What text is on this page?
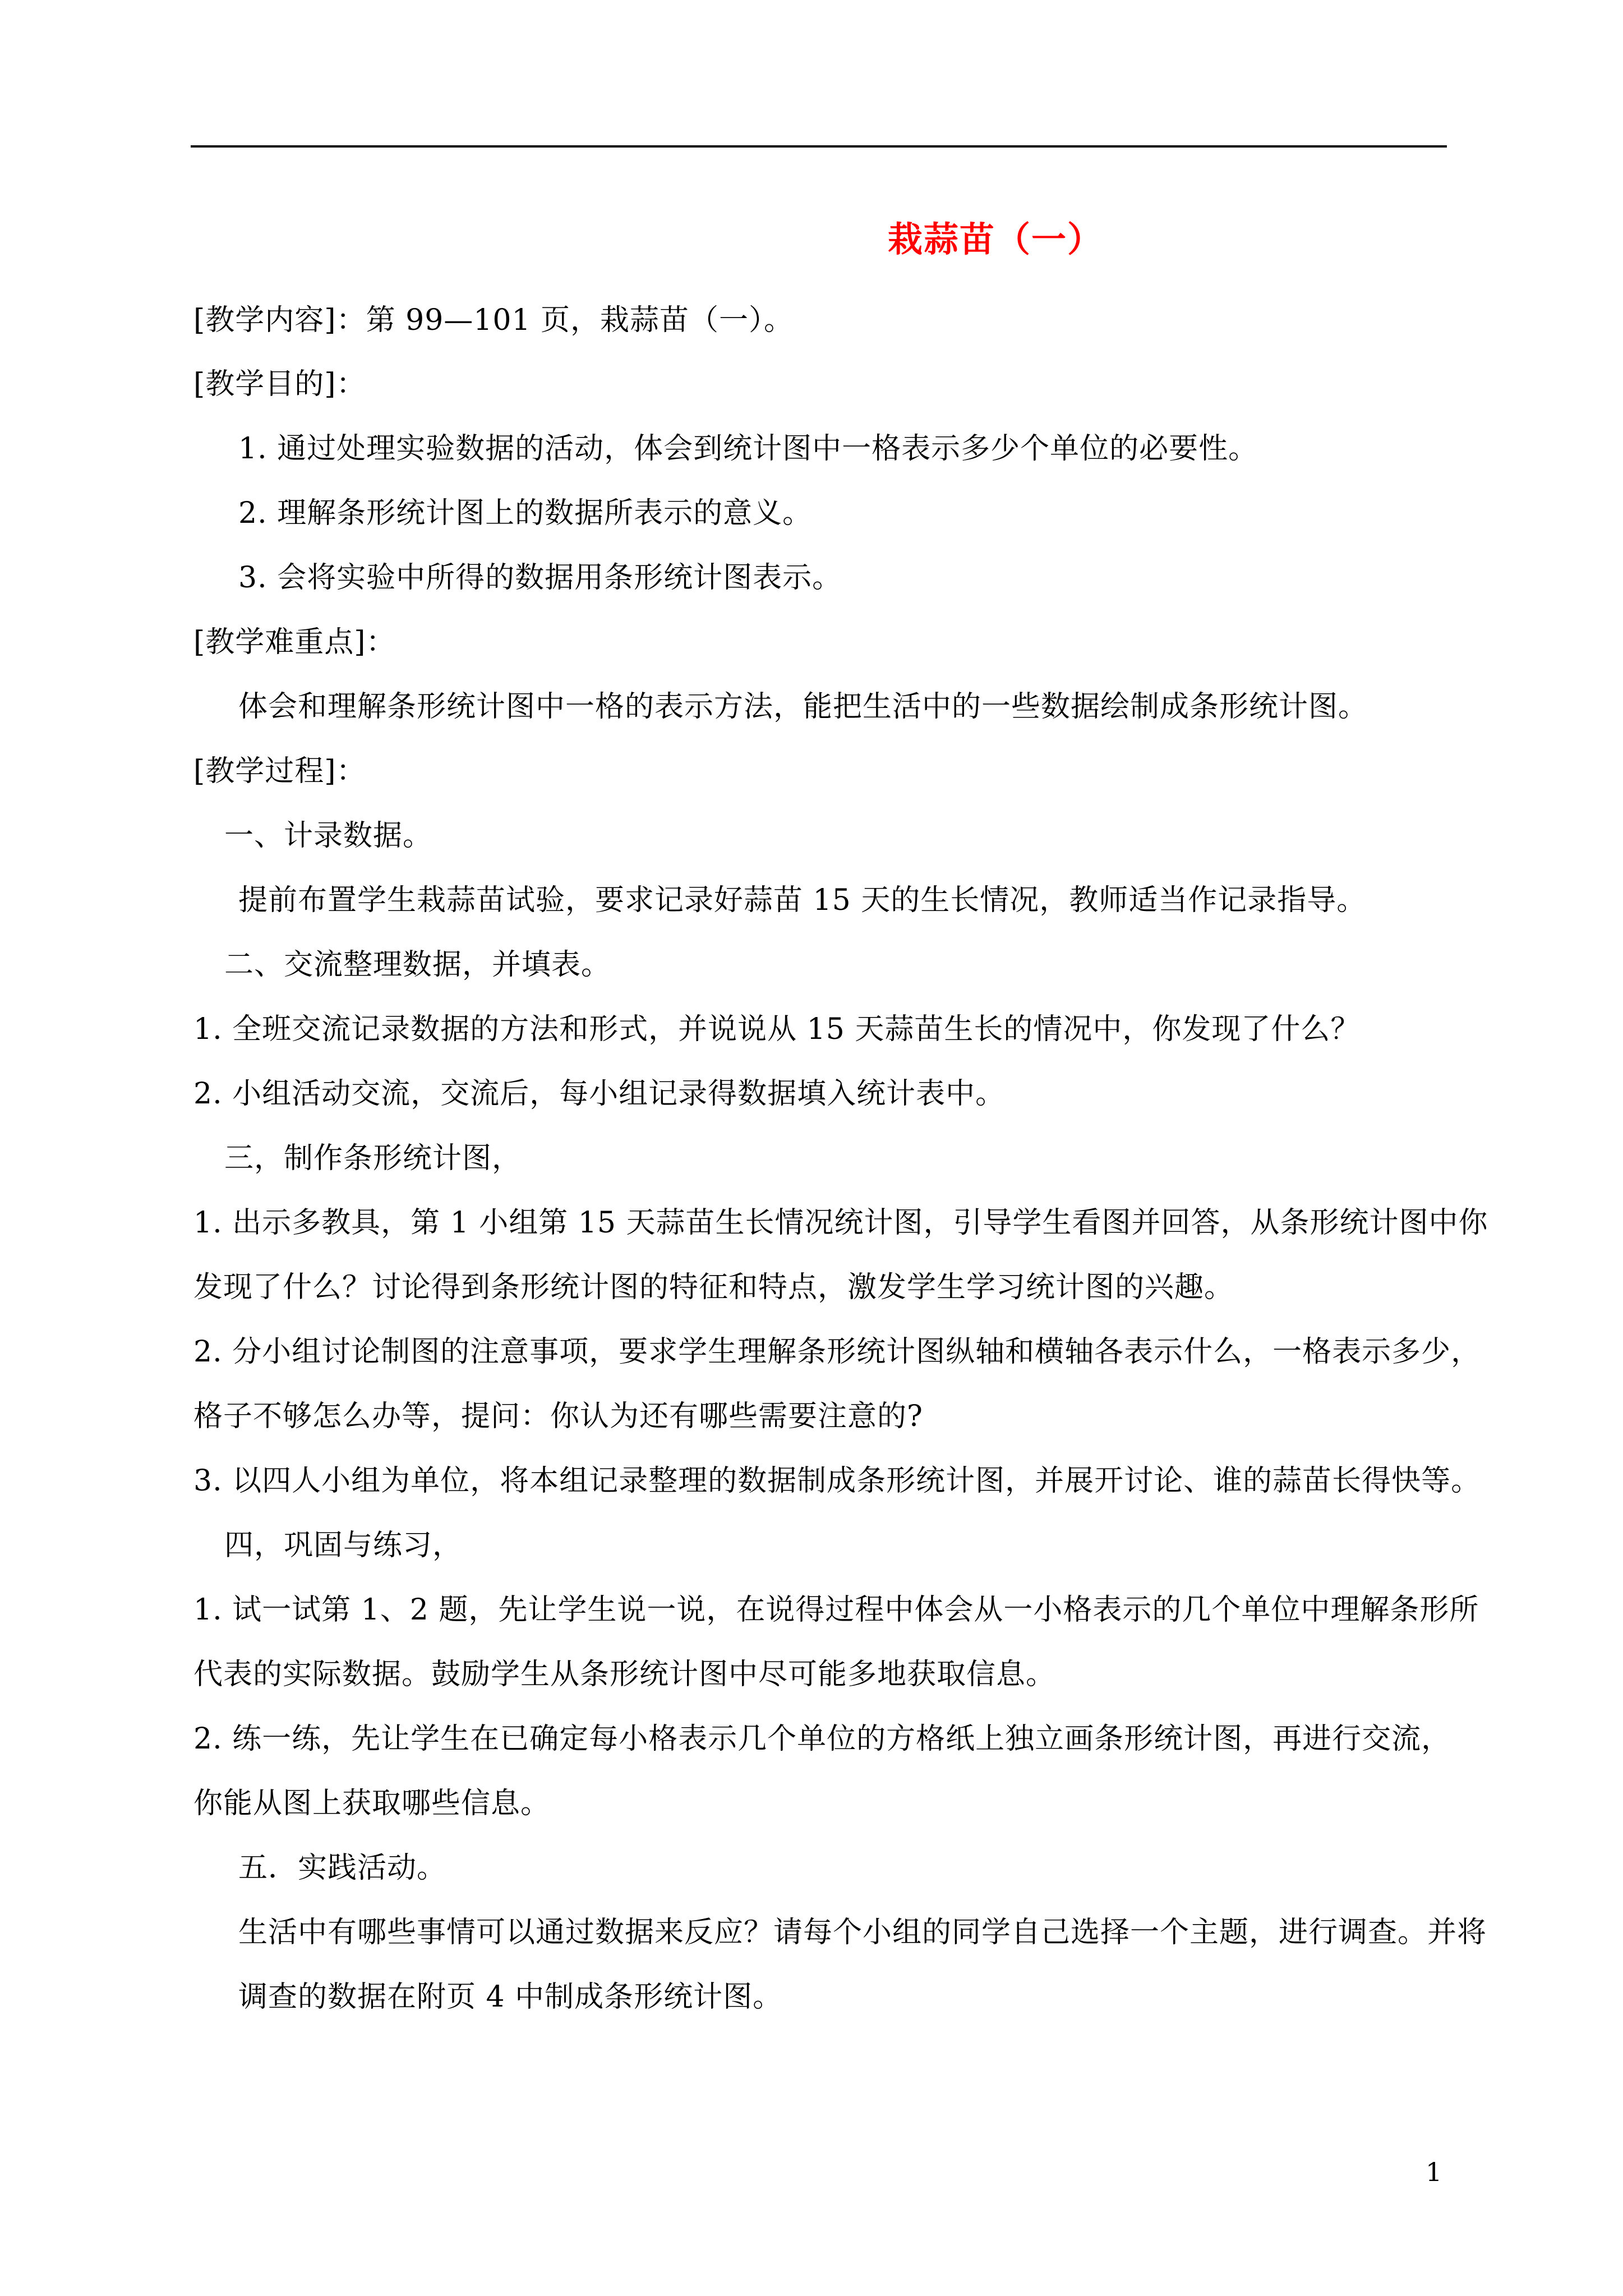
栽蒜苗（一）
[教学内容]：第 99—101 页，栽蒜苗（一）。
[教学目的]：
1. 通过处理实验数据的活动，体会到统计图中一格表示多少个单位的必要性。
2. 理解条形统计图上的数据所表示的意义。
3. 会将实验中所得的数据用条形统计图表示。
[教学难重点]：
体会和理解条形统计图中一格的表示方法，能把生活中的一些数据绘制成条形统计图。
[教学过程]：
一、计录数据。
提前布置学生栽蒜苗试验，要求记录好蒜苗 15 天的生长情况，教师适当作记录指导。
二、交流整理数据，并填表。
1. 全班交流记录数据的方法和形式，并说说从 15 天蒜苗生长的情况中，你发现了什么？
2. 小组活动交流，交流后，每小组记录得数据填入统计表中。
三，制作条形统计图，
1. 出示多教具，第 1 小组第 15 天蒜苗生长情况统计图，引导学生看图并回答，从条形统计图中你
发现了什么？讨论得到条形统计图的特征和特点，激发学生学习统计图的兴趣。
2. 分小组讨论制图的注意事项，要求学生理解条形统计图纵轴和横轴各表示什么，一格表示多少，
格子不够怎么办等，提问：你认为还有哪些需要注意的?
3. 以四人小组为单位，将本组记录整理的数据制成条形统计图，并展开讨论、谁的蒜苗长得快等。
四，巩固与练习，
1. 试一试第 1、2 题，先让学生说一说，在说得过程中体会从一小格表示的几个单位中理解条形所
代表的实际数据。鼓励学生从条形统计图中尽可能多地获取信息。
2. 练一练，先让学生在已确定每小格表示几个单位的方格纸上独立画条形统计图，再进行交流，
你能从图上获取哪些信息。
五．实践活动。
生活中有哪些事情可以通过数据来反应？请每个小组的同学自己选择一个主题，进行调查。并将
调查的数据在附页 4 中制成条形统计图。
1
